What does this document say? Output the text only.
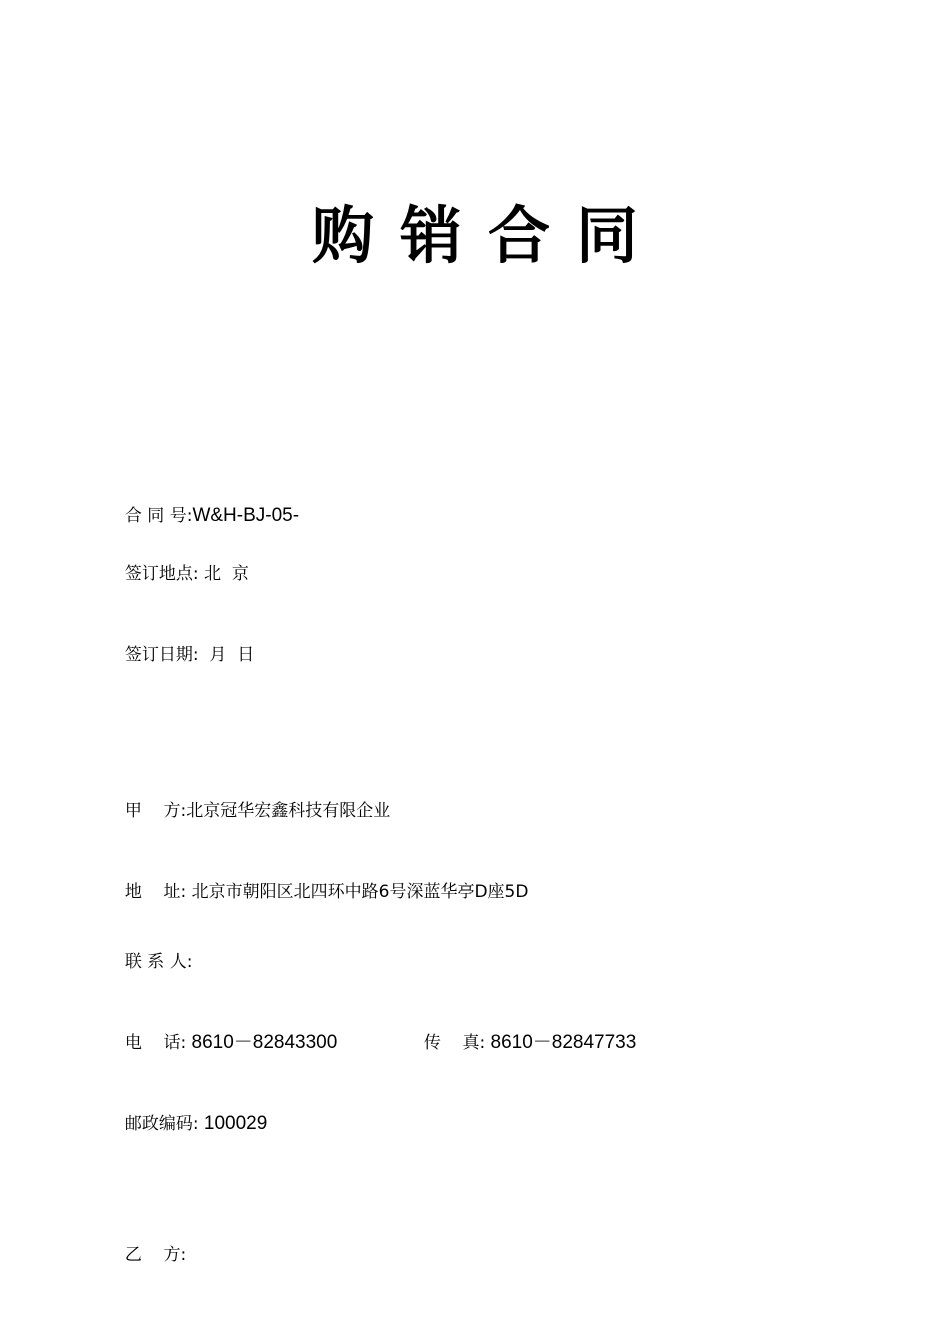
购销合同

合 同 号:W&H-BJ-05-

签订地点: 北  京

签订日期:  月  日

甲    方:北京冠华宏鑫科技有限企业

地    址: 北京市朝阳区北四环中路6号深蓝华亭D座5D

联 系 人:

电    话: 8610－82843300
	传    真: 8610－82847733

邮政编码: 100029

乙    方:
